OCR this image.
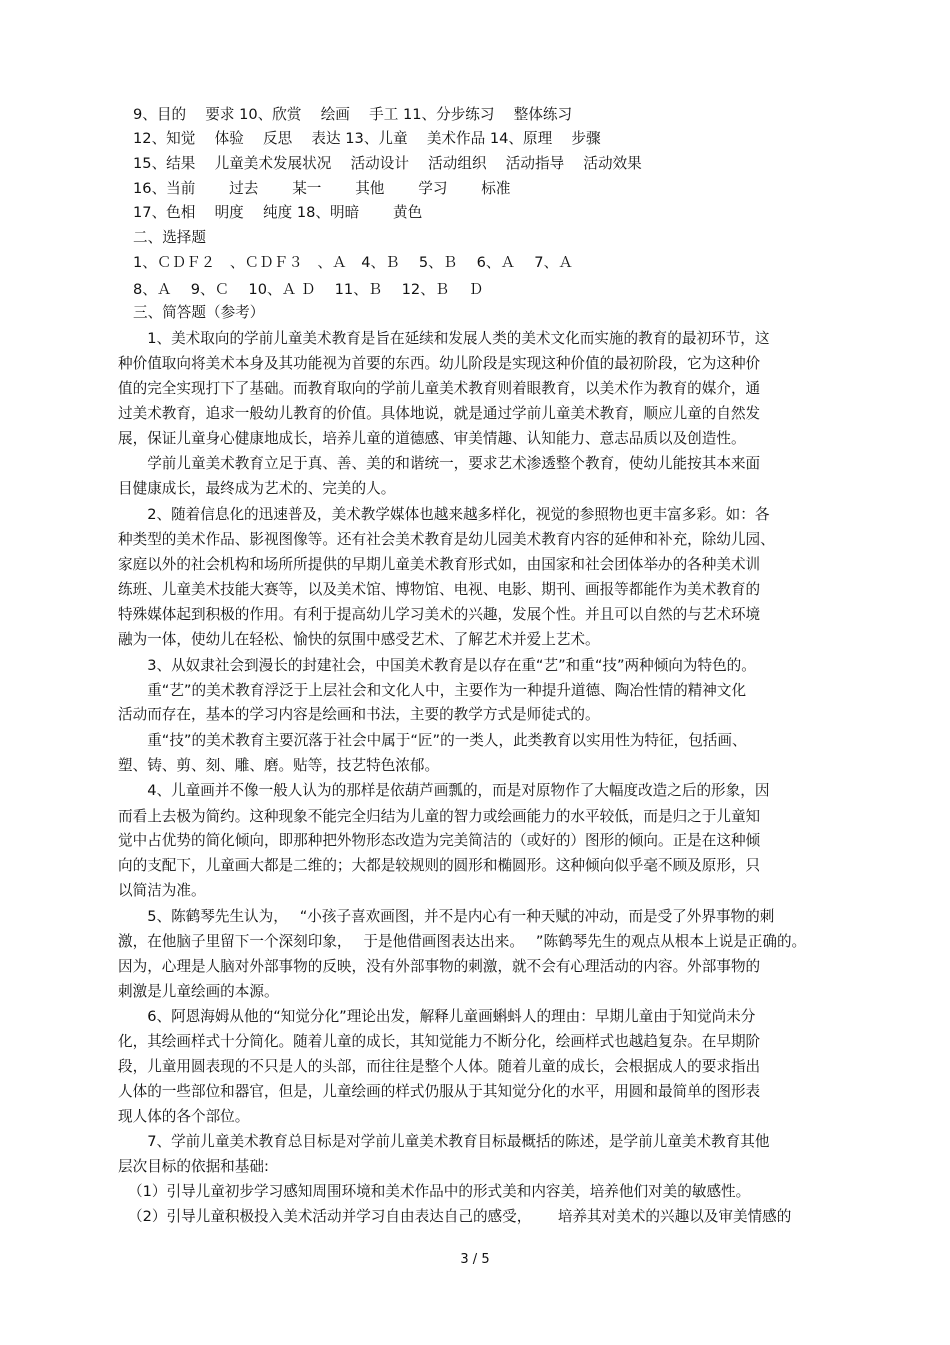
9、目的　 要求 10、欣赏　 绘画　 手工 11、分步练习　 整体练习
12、知觉　 体验　 反思　 表达 13、儿童　 美术作品 14、原理　 步骤
15、结果　 儿童美术发展状况　 活动设计　 活动组织　 活动指导　 活动效果
16、当前　　 过去　　 某一　　 其他　　 学习　　 标准
17、色相　 明度　 纯度 18、明暗　　 黄色
二、选择题
1、ＣＤＦ２　、ＣＤＦ３　、Ａ　4、Ｂ　 5、Ｂ　 6、Ａ　 7、Ａ
8、Ａ　 9、Ｃ　 10、Ａ Ｄ　 11、Ｂ　 12、Ｂ　 Ｄ
三、简答题（参考）
　　1、美术取向的学前儿童美术教育是旨在延续和发展人类的美术文化而实施的教育的最初环节，这
种价值取向将美术本身及其功能视为首要的东西。幼儿阶段是实现这种价值的最初阶段，它为这种价
值的完全实现打下了基础。而教育取向的学前儿童美术教育则着眼教育，以美术作为教育的媒介，通
过美术教育，追求一般幼儿教育的价值。具体地说，就是通过学前儿童美术教育，顺应儿童的自然发
展，保证儿童身心健康地成长，培养儿童的道德感、审美情趣、认知能力、意志品质以及创造性。
　　学前儿童美术教育立足于真、善、美的和谐统一，要求艺术渗透整个教育，使幼儿能按其本来面
目健康成长，最终成为艺术的、完美的人。
　　2、随着信息化的迅速普及，美术教学媒体也越来越多样化，视觉的参照物也更丰富多彩。如：各
种类型的美术作品、影视图像等。还有社会美术教育是幼儿园美术教育内容的延伸和补充，除幼儿园、
家庭以外的社会机构和场所所提供的早期儿童美术教育形式如，由国家和社会团体举办的各种美术训
练班、儿童美术技能大赛等，以及美术馆、博物馆、电视、电影、期刊、画报等都能作为美术教育的
特殊媒体起到积极的作用。有利于提高幼儿学习美术的兴趣，发展个性。并且可以自然的与艺术环境
融为一体，使幼儿在轻松、愉快的氛围中感受艺术、了解艺术并爱上艺术。
　　3、从奴隶社会到漫长的封建社会，中国美术教育是以存在重“艺”和重“技”两种倾向为特色的。
　　重“艺”的美术教育浮泛于上层社会和文化人中，主要作为一种提升道德、陶冶性情的精神文化
活动而存在，基本的学习内容是绘画和书法，主要的教学方式是师徒式的。
　　重“技”的美术教育主要沉落于社会中属于“匠”的一类人，此类教育以实用性为特征，包括画、
塑、铸、剪、刻、雕、磨。贴等，技艺特色浓郁。
　　4、儿童画并不像一般人认为的那样是依葫芦画瓢的，而是对原物作了大幅度改造之后的形象，因
而看上去极为简约。这种现象不能完全归结为儿童的智力或绘画能力的水平较低，而是归之于儿童知
觉中占优势的简化倾向，即那种把外物形态改造为完美简洁的（或好的）图形的倾向。正是在这种倾
向的支配下，儿童画大都是二维的；大都是较规则的圆形和椭圆形。这种倾向似乎毫不顾及原形，只
以简洁为准。
　　5、陈鹤琴先生认为，　 “小孩子喜欢画图，并不是内心有一种天赋的冲动，而是受了外界事物的刺
激，在他脑子里留下一个深刻印象，　 于是他借画图表达出来。　 ”陈鹤琴先生的观点从根本上说是正确的。
因为，心理是人脑对外部事物的反映，没有外部事物的刺激，就不会有心理活动的内容。外部事物的
刺激是儿童绘画的本源。
　　6、阿恩海姆从他的“知觉分化”理论出发，解释儿童画蝌蚪人的理由：早期儿童由于知觉尚未分
化，其绘画样式十分简化。随着儿童的成长，其知觉能力不断分化，绘画样式也越趋复杂。在早期阶
段，儿童用圆表现的不只是人的头部，而往往是整个人体。随着儿童的成长，会根据成人的要求指出
人体的一些部位和器官，但是，儿童绘画的样式仍服从于其知觉分化的水平，用圆和最简单的图形表
现人体的各个部位。
　　7、学前儿童美术教育总目标是对学前儿童美术教育目标最概括的陈述，是学前儿童美术教育其他
层次目标的依据和基础:
（1）引导儿童初步学习感知周围环境和美术作品中的形式美和内容美，培养他们对美的敏感性。
（2）引导儿童积极投入美术活动并学习自由表达自己的感受，　　 培养其对美术的兴趣以及审美情感的
3 / 5
